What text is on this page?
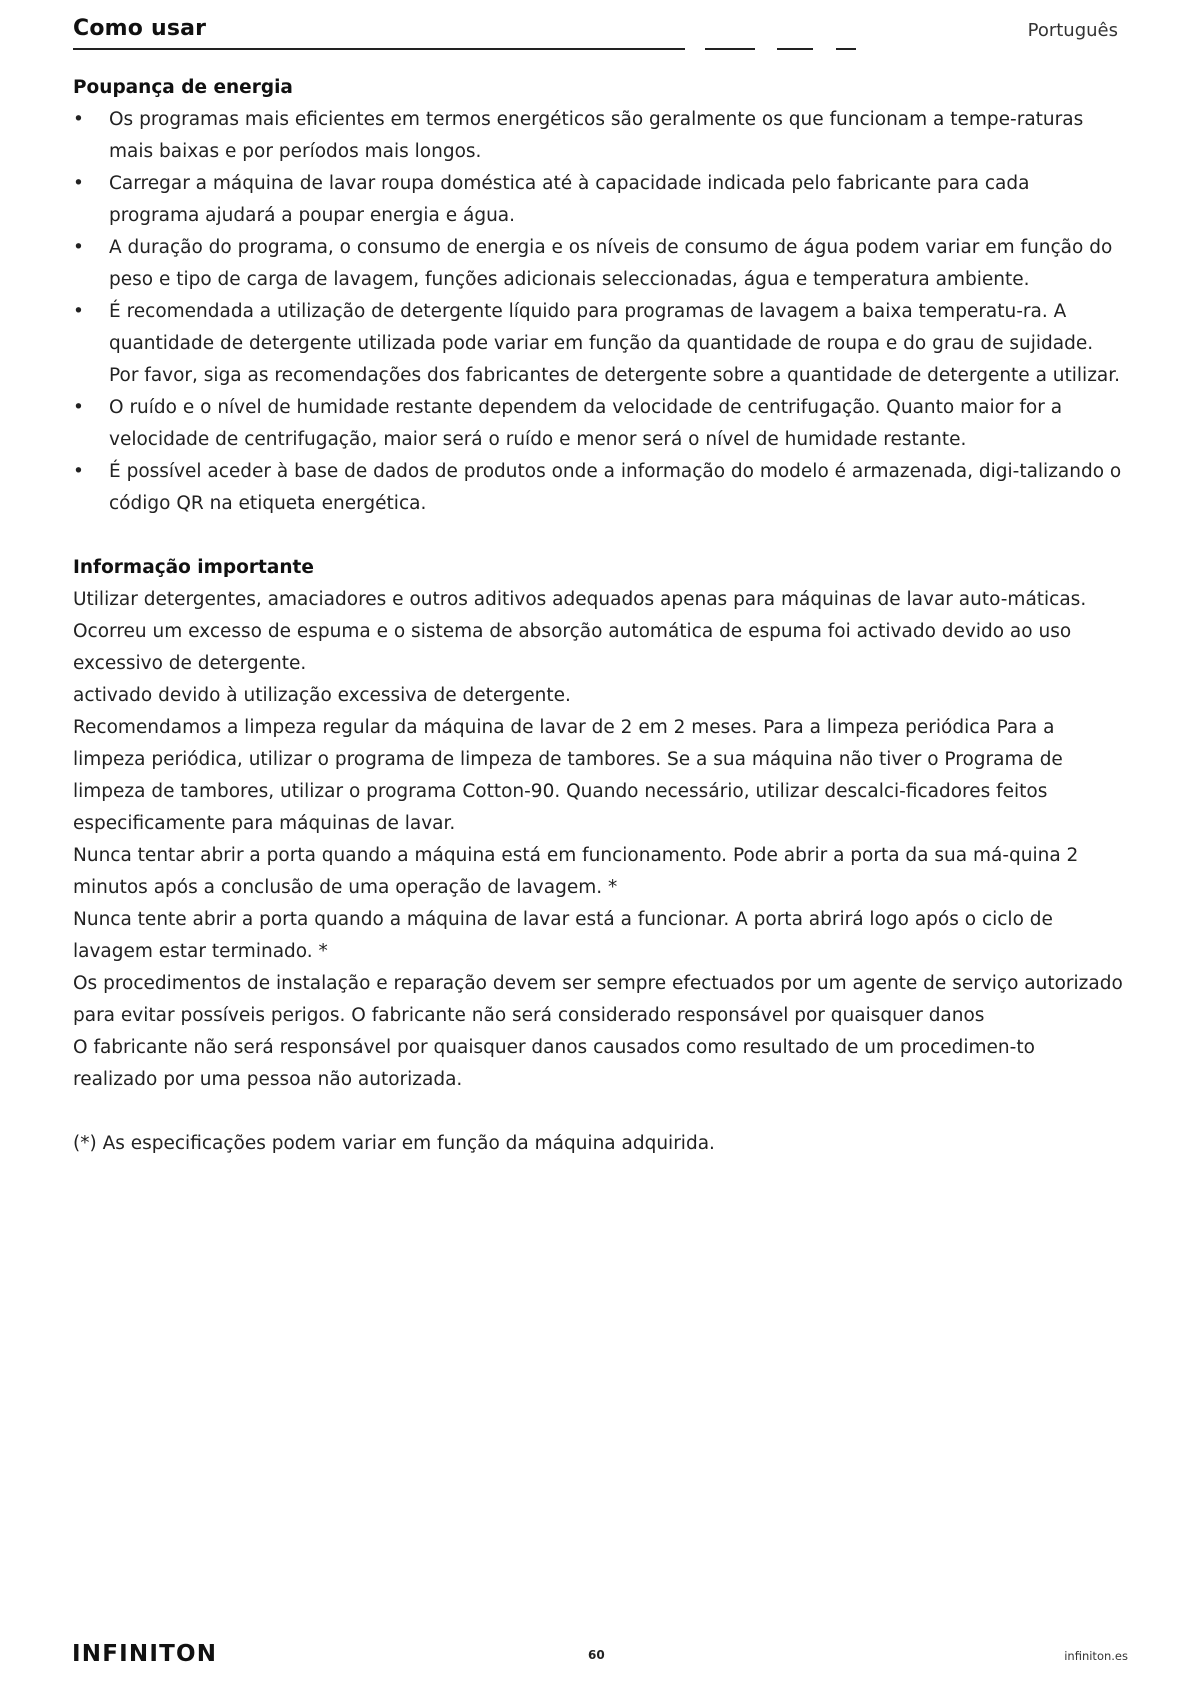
Como usar	Português
Poupança de energia
• Os programas mais eficientes em termos energéticos são geralmente os que funcionam a tempe-raturas mais baixas e por períodos mais longos.
• Carregar a máquina de lavar roupa doméstica até à capacidade indicada pelo fabricante para cada programa ajudará a poupar energia e água.
• A duração do programa, o consumo de energia e os níveis de consumo de água podem variar em função do peso e tipo de carga de lavagem, funções adicionais seleccionadas, água e temperatura ambiente.
• É recomendada a utilização de detergente líquido para programas de lavagem a baixa temperatu-ra. A quantidade de detergente utilizada pode variar em função da quantidade de roupa e do grau de sujidade. Por favor, siga as recomendações dos fabricantes de detergente sobre a quantidade de detergente a utilizar.
• O ruído e o nível de humidade restante dependem da velocidade de centrifugação. Quanto maior for a velocidade de centrifugação, maior será o ruído e menor será o nível de humidade restante.
• É possível aceder à base de dados de produtos onde a informação do modelo é armazenada, digi-talizando o código QR na etiqueta energética.
Informação importante

Utilizar detergentes, amaciadores e outros aditivos adequados apenas para máquinas de lavar auto-máticas. Ocorreu um excesso de espuma e o sistema de absorção automática de espuma foi activado devido ao uso excessivo de detergente.

activado devido à utilização excessiva de detergente.

Recomendamos a limpeza regular da máquina de lavar de 2 em 2 meses. Para a limpeza periódica Para a limpeza periódica, utilizar o programa de limpeza de tambores. Se a sua máquina não tiver o Programa de limpeza de tambores, utilizar o programa Cotton-90. Quando necessário, utilizar descalci-ficadores feitos especificamente para máquinas de lavar.

Nunca tentar abrir a porta quando a máquina está em funcionamento. Pode abrir a porta da sua má-quina 2 minutos após a conclusão de uma operação de lavagem. *

Nunca tente abrir a porta quando a máquina de lavar está a funcionar. A porta abrirá logo após o ciclo de lavagem estar terminado. *

Os procedimentos de instalação e reparação devem ser sempre efectuados por um agente de serviço autorizado para evitar possíveis perigos. O fabricante não será considerado responsável por quaisquer danos

O fabricante não será responsável por quaisquer danos causados como resultado de um procedimen-to realizado por uma pessoa não autorizada.

(*) As especificações podem variar em função da máquina adquirida.

INFINITON	60	infiniton.es
